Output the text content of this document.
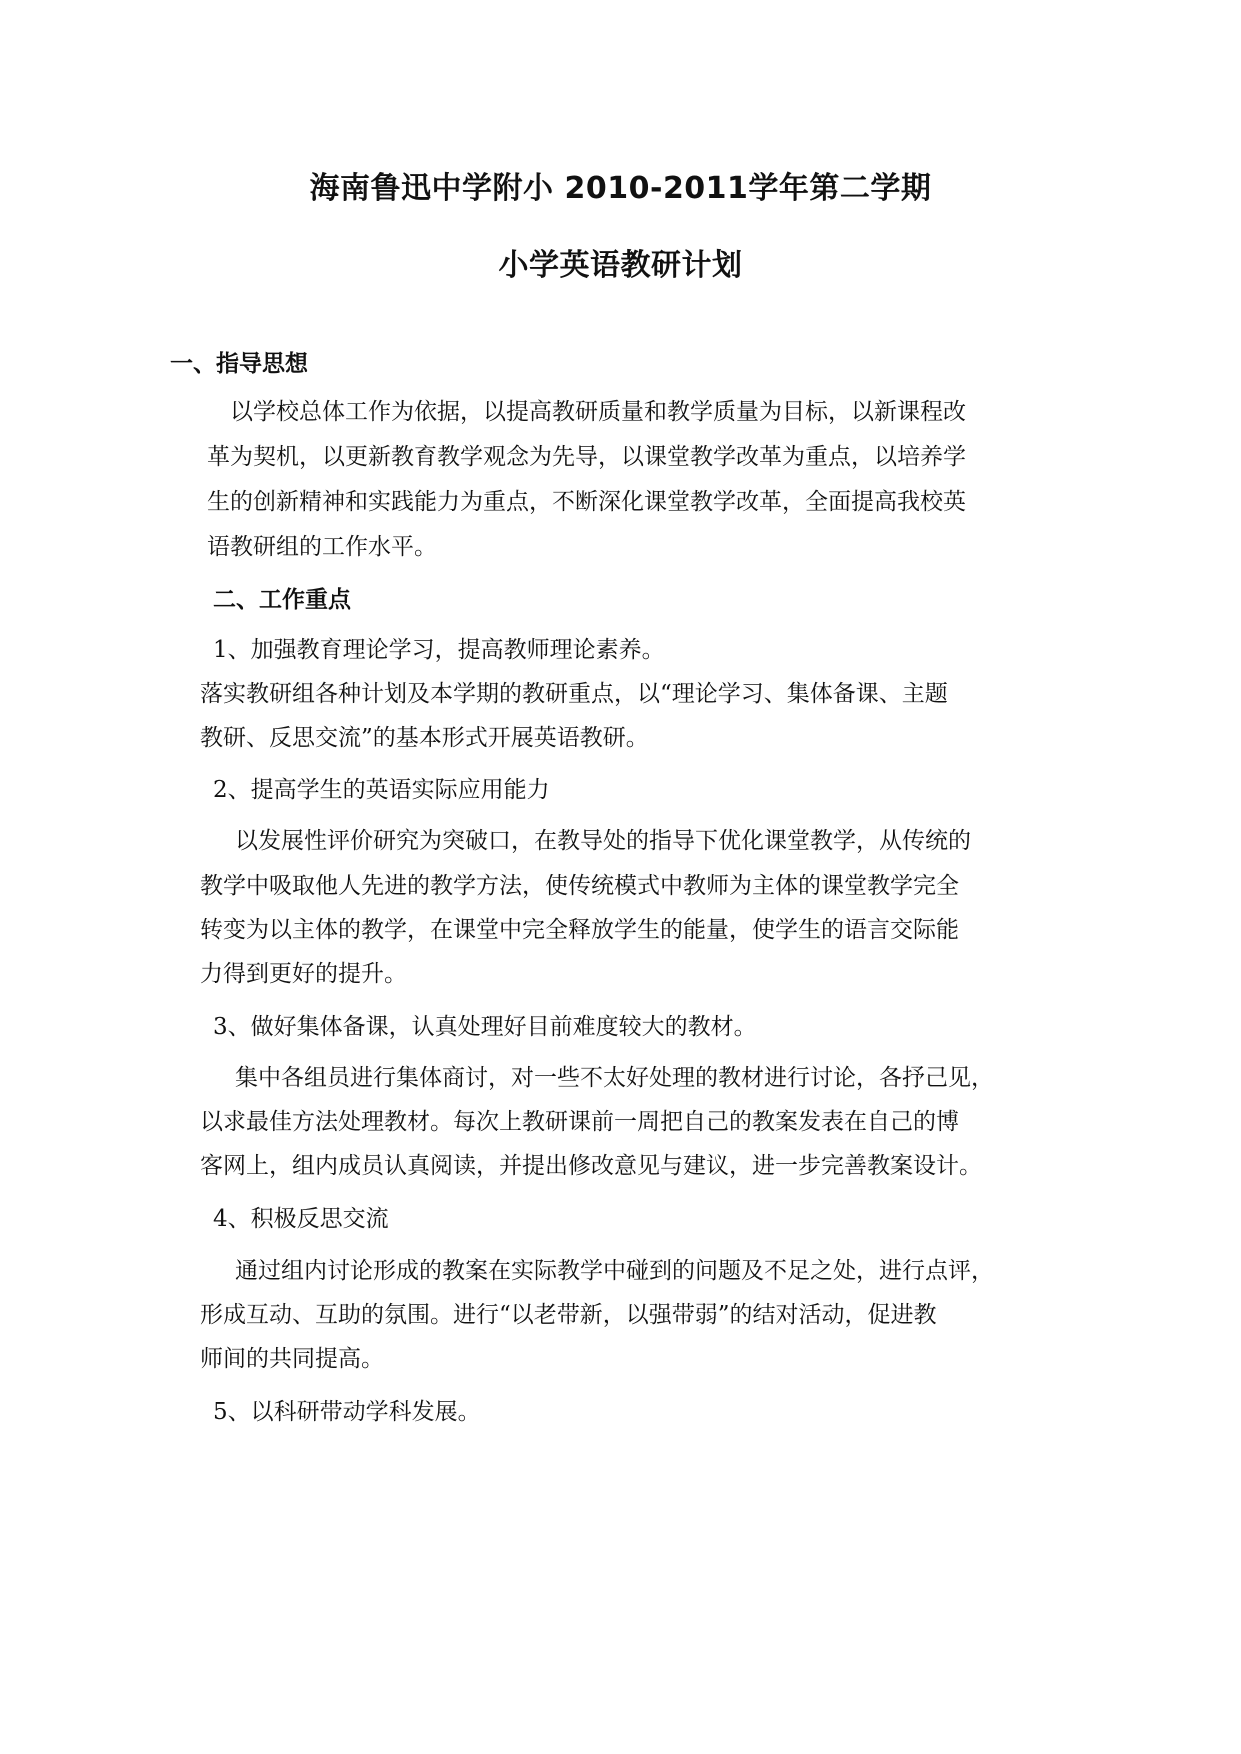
海南鲁迅中学附小 2010-2011学年第二学期
小学英语教研计划
一、指导思想
以学校总体工作为依据，以提高教研质量和教学质量为目标，以新课程改
革为契机，以更新教育教学观念为先导，以课堂教学改革为重点，以培养学
生的创新精神和实践能力为重点，不断深化课堂教学改革，全面提高我校英
语教研组的工作水平。
二、工作重点
1、加强教育理论学习，提高教师理论素养。
落实教研组各种计划及本学期的教研重点，以“理论学习、集体备课、主题
教研、反思交流”的基本形式开展英语教研。
2、提高学生的英语实际应用能力
以发展性评价研究为突破口，在教导处的指导下优化课堂教学，从传统的
教学中吸取他人先进的教学方法，使传统模式中教师为主体的课堂教学完全
转变为以主体的教学，在课堂中完全释放学生的能量，使学生的语言交际能
力得到更好的提升。
3、做好集体备课，认真处理好目前难度较大的教材。
集中各组员进行集体商讨，对一些不太好处理的教材进行讨论，各抒己见，
以求最佳方法处理教材。每次上教研课前一周把自己的教案发表在自己的博
客网上，组内成员认真阅读，并提出修改意见与建议，进一步完善教案设计。
4、积极反思交流
通过组内讨论形成的教案在实际教学中碰到的问题及不足之处，进行点评，
形成互动、互助的氛围。进行“以老带新，以强带弱”的结对活动，促进教
师间的共同提高。
5、以科研带动学科发展。
